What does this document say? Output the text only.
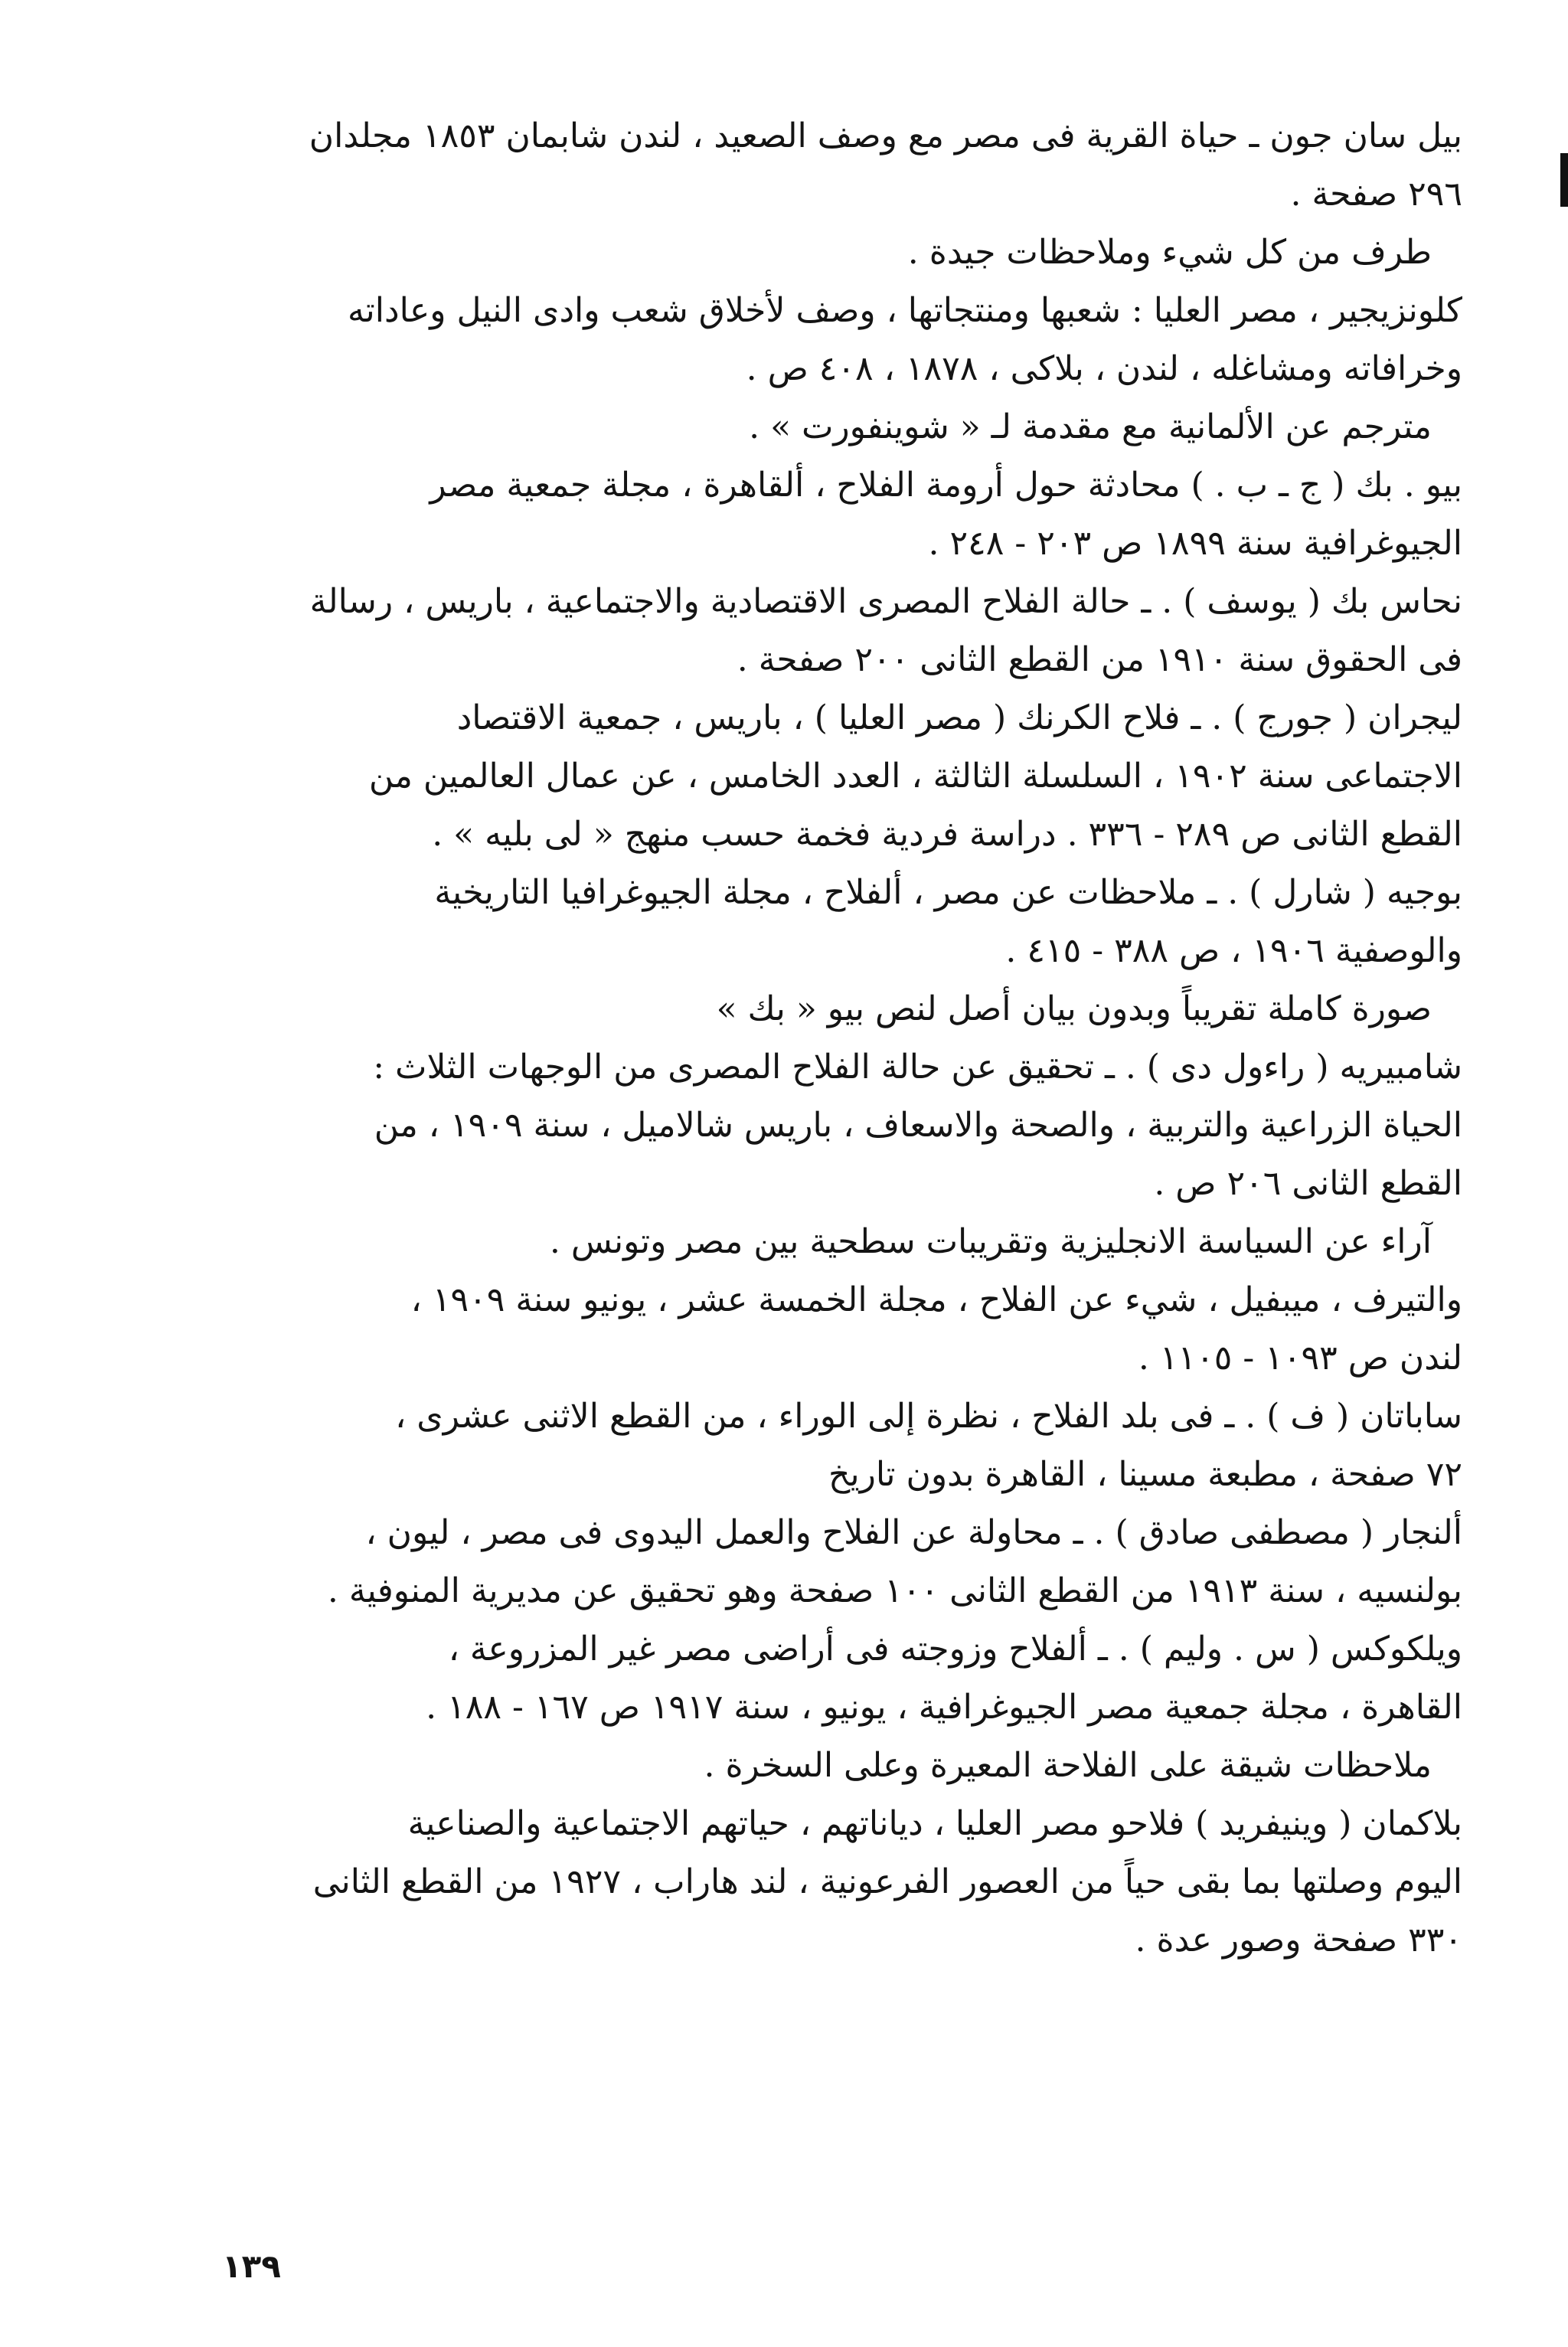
بيل سان جون ـ حياة القرية فى مصر مع وصف الصعيد ، لندن شابمان ١٨٥٣ مجلدان
٢٩٦ صفحة .

طرف من كل شيء وملاحظات جيدة .

كلونزيجير ، مصر العليا : شعبها ومنتجاتها ، وصف لأخلاق شعب وادى النيل وعاداته
وخرافاته ومشاغله ، لندن ، بلاكى ، ١٨٧٨ ، ٤٠٨ ص .

مترجم عن الألمانية مع مقدمة لـ « شوينفورت » .

بيو . بك ( ج ـ ب . ) محادثة حول أرومة الفلاح ، ألقاهرة ، مجلة جمعية مصر
الجيوغرافية سنة ١٨٩٩ ص ٢٠٣ - ٢٤٨ .

نحاس بك ( يوسف ) . ـ حالة الفلاح المصرى الاقتصادية والاجتماعية ، باريس ، رسالة
فى الحقوق سنة ١٩١٠ من القطع الثانى ٢٠٠ صفحة .

ليجران ( جورج ) . ـ فلاح الكرنك ( مصر العليا ) ، باريس ، جمعية الاقتصاد
الاجتماعى سنة ١٩٠٢ ، السلسلة الثالثة ، العدد الخامس ، عن عمال العالمين من
القطع الثانى ص ٢٨٩ - ٣٣٦ . دراسة فردية فخمة حسب منهج « لى بليه » .

بوجيه ( شارل ) . ـ ملاحظات عن مصر ، ألفلاح ، مجلة الجيوغرافيا التاريخية
والوصفية ١٩٠٦ ، ص ٣٨٨ - ٤١٥ .

صورة كاملة تقريباً وبدون بيان أصل لنص بيو « بك »

شامبيريه ( راءول دى ) . ـ تحقيق عن حالة الفلاح المصرى من الوجهات الثلاث :
الحياة الزراعية والتربية ، والصحة والاسعاف ، باريس شالاميل ، سنة ١٩٠٩ ، من
القطع الثانى ٢٠٦ ص .

آراء عن السياسة الانجليزية وتقريبات سطحية بين مصر وتونس .

والتيرف ، ميبفيل ، شيء عن الفلاح ، مجلة الخمسة عشر ، يونيو سنة ١٩٠٩ ،
لندن ص ١٠٩٣ - ١١٠٥ .

ساباتان ( ف ) . ـ فى بلد الفلاح ، نظرة إلى الوراء ، من القطع الاثنى عشرى ،
٧٢ صفحة ، مطبعة مسينا ، القاهرة بدون تاريخ

ألنجار ( مصطفى صادق ) . ـ محاولة عن الفلاح والعمل اليدوى فى مصر ، ليون ،
بولنسيه ، سنة ١٩١٣ من القطع الثانى ١٠٠ صفحة وهو تحقيق عن مديرية المنوفية .

ويلكوكس ( س . وليم ) . ـ ألفلاح وزوجته فى أراضى مصر غير المزروعة ،
القاهرة ، مجلة جمعية مصر الجيوغرافية ، يونيو ، سنة ١٩١٧ ص ١٦٧ - ١٨٨ .

ملاحظات شيقة على الفلاحة المعيرة وعلى السخرة .

بلاكمان ( وينيفريد ) فلاحو مصر العليا ، دياناتهم ، حياتهم الاجتماعية والصناعية
اليوم وصلتها بما بقى حياً من العصور الفرعونية ، لند هاراب ، ١٩٢٧ من القطع الثانى
٣٣٠ صفحة وصور عدة .

١٣٩
